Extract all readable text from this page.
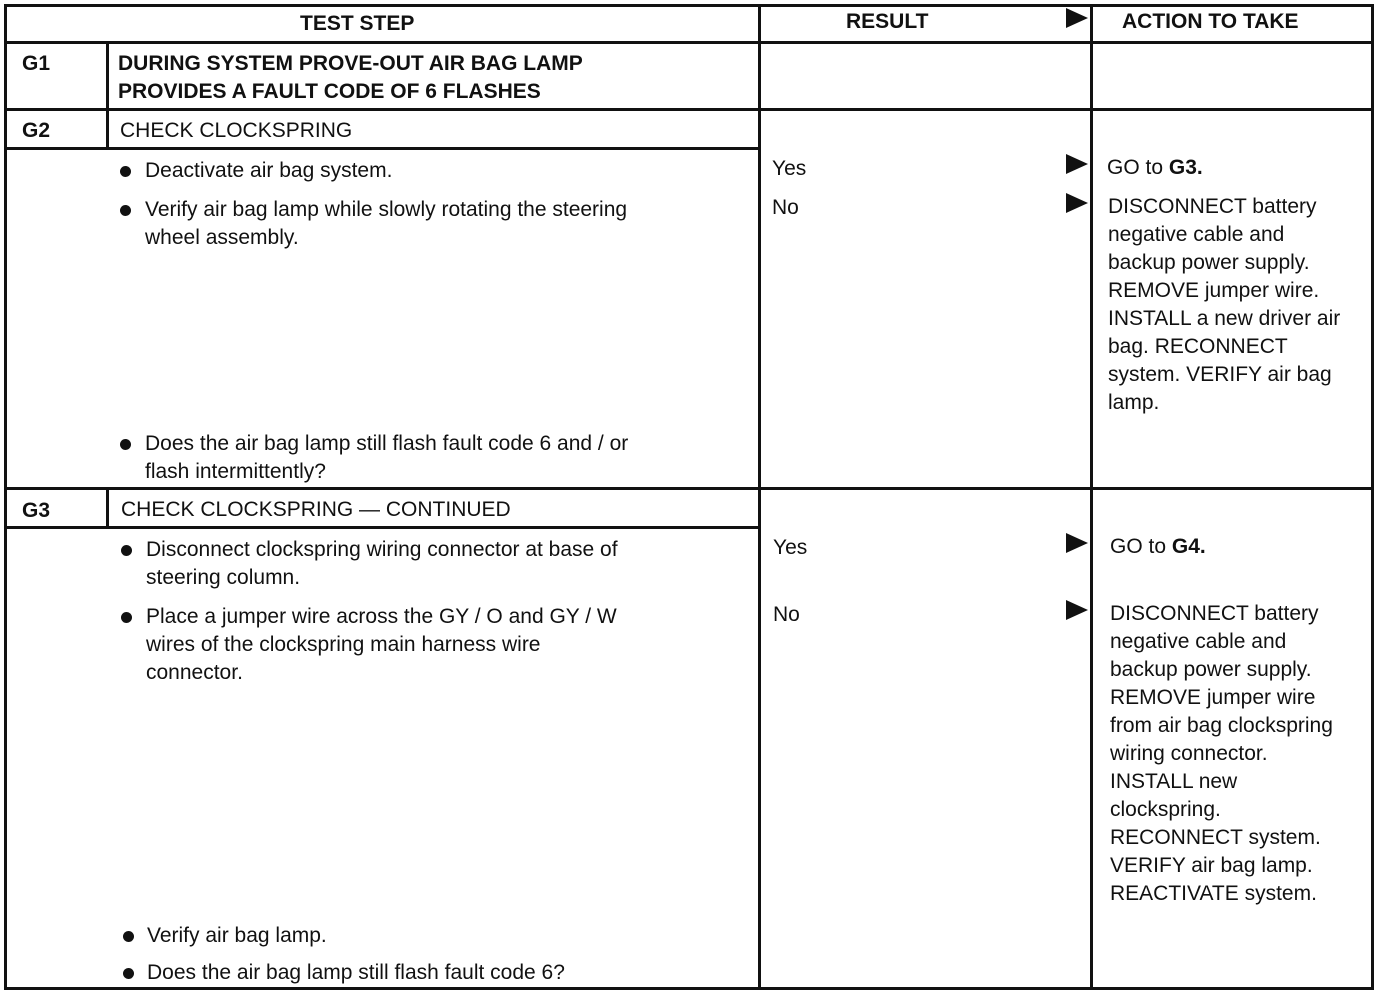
TEST STEP	RESULT	ACTION TO TAKE
G1	DURING SYSTEM PROVE-OUT AIR BAG LAMP
PROVIDES A FAULT CODE OF 6 FLASHES
G2	CHECK CLOCKSPRING
Deactivate air bag system.
Verify air bag lamp while slowly rotating the steering
wheel assembly.
Does the air bag lamp still flash fault code 6 and / or
flash intermittently?
Yes	GO to G3.
No	DISCONNECT battery
negative cable and
backup power supply.
REMOVE jumper wire.
INSTALL a new driver air
bag. RECONNECT
system. VERIFY air bag
lamp.
G3	CHECK CLOCKSPRING — CONTINUED
Disconnect clockspring wiring connector at base of
steering column.
Place a jumper wire across the GY / O and GY / W
wires of the clockspring main harness wire
connector.
Verify air bag lamp.
Does the air bag lamp still flash fault code 6?
Yes	GO to G4.
No	DISCONNECT battery
negative cable and
backup power supply.
REMOVE jumper wire
from air bag clockspring
wiring connector.
INSTALL new
clockspring.
RECONNECT system.
VERIFY air bag lamp.
REACTIVATE system.
